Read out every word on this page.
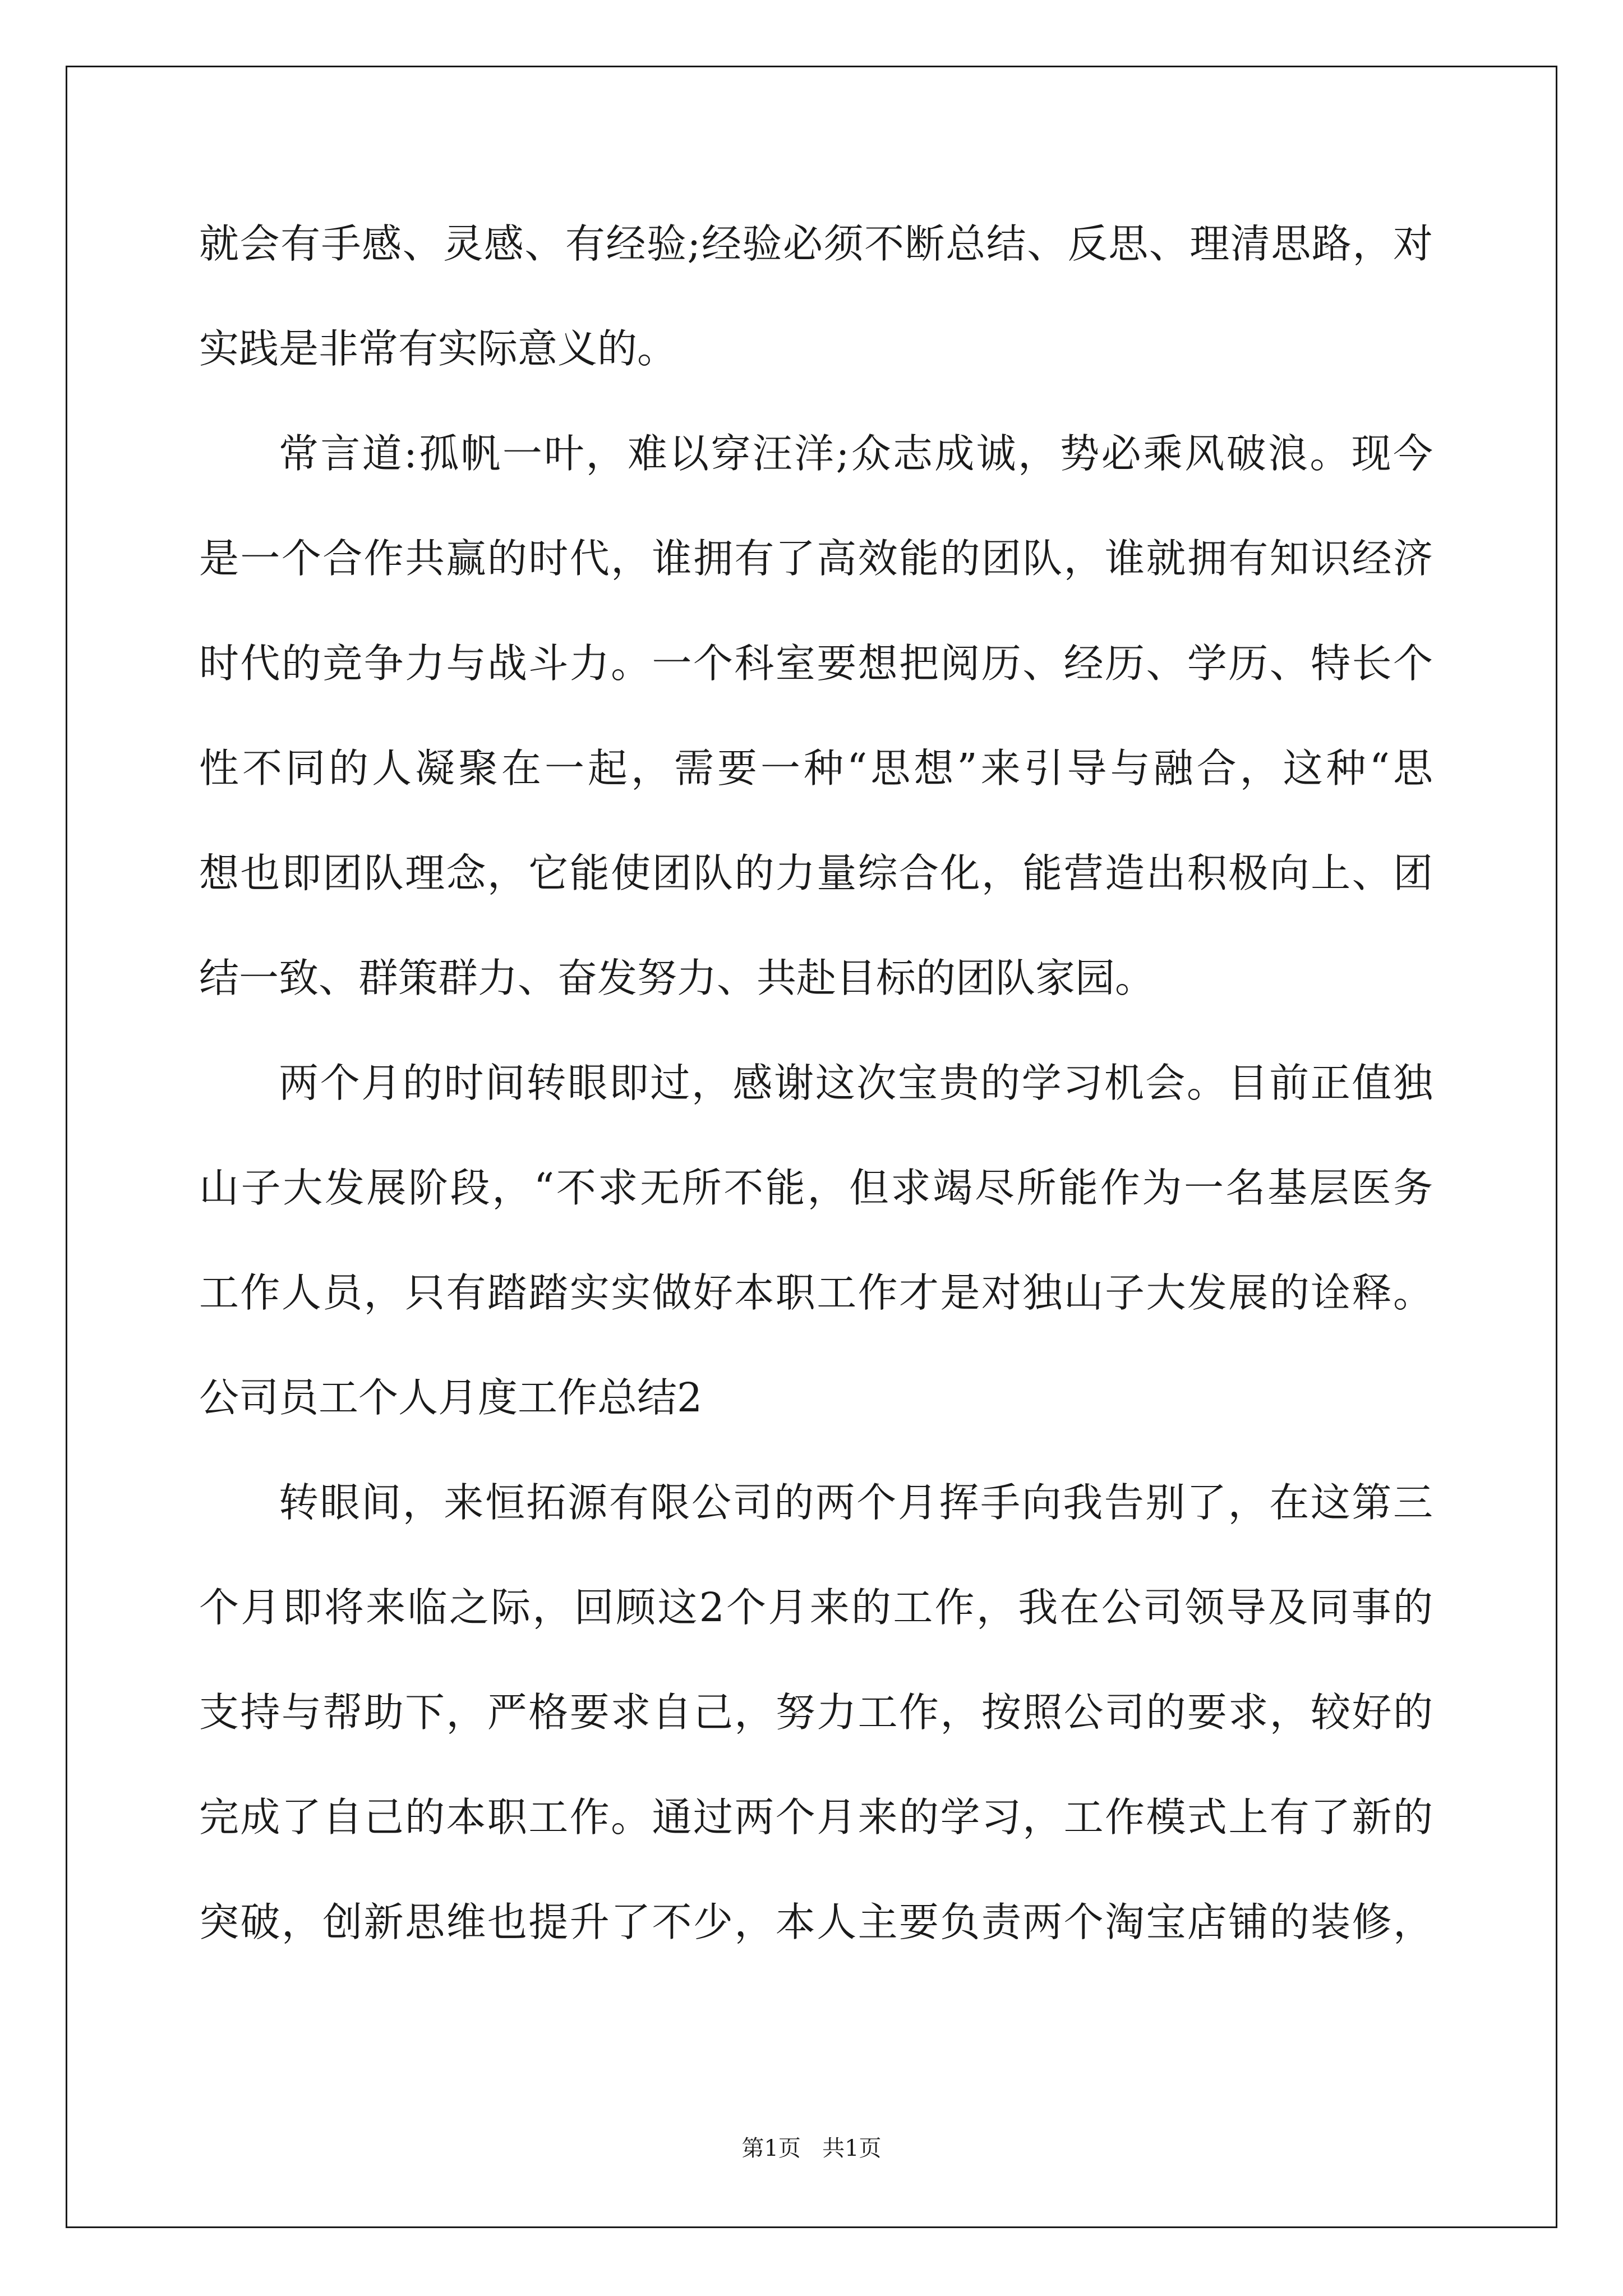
就会有手感、灵感、有经验;经验必须不断总结、反思、理清思路，对
实践是非常有实际意义的。
常言道:孤帆一叶，难以穿汪洋;众志成诚，势必乘风破浪。现今
是一个合作共赢的时代，谁拥有了高效能的团队，谁就拥有知识经济
时代的竞争力与战斗力。一个科室要想把阅历、经历、学历、特长个
性不同的人凝聚在一起，需要一种“思想”来引导与融合，这种“思
想也即团队理念，它能使团队的力量综合化，能营造出积极向上、团
结一致、群策群力、奋发努力、共赴目标的团队家园。
两个月的时间转眼即过，感谢这次宝贵的学习机会。目前正值独
山子大发展阶段，“不求无所不能，但求竭尽所能作为一名基层医务
工作人员，只有踏踏实实做好本职工作才是对独山子大发展的诠释。
公司员工个人月度工作总结2
转眼间，来恒拓源有限公司的两个月挥手向我告别了，在这第三
个月即将来临之际，回顾这2个月来的工作，我在公司领导及同事的
支持与帮助下，严格要求自己，努力工作，按照公司的要求，较好的
完成了自己的本职工作。通过两个月来的学习，工作模式上有了新的
突破，创新思维也提升了不少，本人主要负责两个淘宝店铺的装修，
第1页 共1页
